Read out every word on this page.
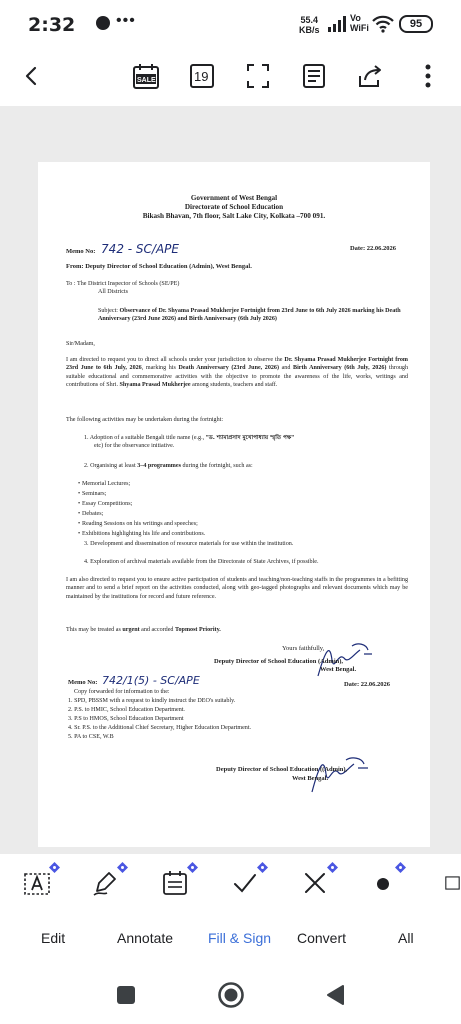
2:32	•••	55.4
KB/s
Vo
WiFi	95
SALE	19
Government of West Bengal
Directorate of School Education
Bikash Bhavan, 7th floor, Salt Lake City, Kolkata –700 091.
Memo No: 742 - SC/APE	Date: 22.06.2026
From: Deputy Director of School Education (Admin), West Bengal.
To : The District Inspector of Schools (SE/PE)
All Districts
Subject: Observance of Dr. Shyama Prasad Mukherjee Fortnight from 23rd June to 6th July 2026 marking his Death Anniversary (23rd June 2026) and Birth Anniversary (6th July 2026)
Sir/Madam,
I am directed to request you to direct all schools under your jurisdiction to observe the Dr. Shyama Prasad Mukherjee Fortnight from 23rd June to 6th July, 2026, marking his Death Anniversary (23rd June, 2026) and Birth Anniversary (6th July, 2026) through suitable educational and commemorative activities with the objective to promote the awareness of the life, works, writings and contributions of Shri. Shyama Prasad Mukherjee among students, teachers and staff.
The following activities may be undertaken during the fortnight:
1. Adoption of a suitable Bengali title name (e.g., "ড. শ্যামাপ্রসাদ মুখোপাধ্যায় স্মৃতি পক্ষ"
etc) for the observance initiative.
2. Organising at least 3–4 programmes during the fortnight, such as:
• Memorial Lectures;
• Seminars;
• Essay Competitions;
• Debates;
• Reading Sessions on his writings and speeches;
• Exhibitions highlighting his life and contributions.
3. Development and dissemination of resource materials for use within the institution.
4. Exploration of archival materials available from the Directorate of State Archives, if possible.
I am also directed to request you to ensure active participation of students and teaching/non-teaching staffs in the programmes in a befitting manner and to send a brief report on the activities conducted, along with geo-tagged photographs and relevant documents which may be maintained by the institutions for record and future reference.
This may be treated as urgent and accorded Topmost Priority.
Yours faithfully,
Deputy Director of School Education (Admin),
West Bengal.
Memo No: 742/1(5) - SC/APE	Date: 22.06.2026
Copy forwarded for information to the:
1. SPD, PBSSM with a request to kindly instruct the DEO's suitably.
2. P.S. to HMIC, School Education Department.
3. P.S to HMOS, School Education Department
4. Sr. P.S. to the Additional Chief Secretary, Higher Education Department.
5. PA to CSE, W.B
Deputy Director of School Education ((Admin),
West Bengal.
Edit	Annotate Fill & Sign Convert	All
